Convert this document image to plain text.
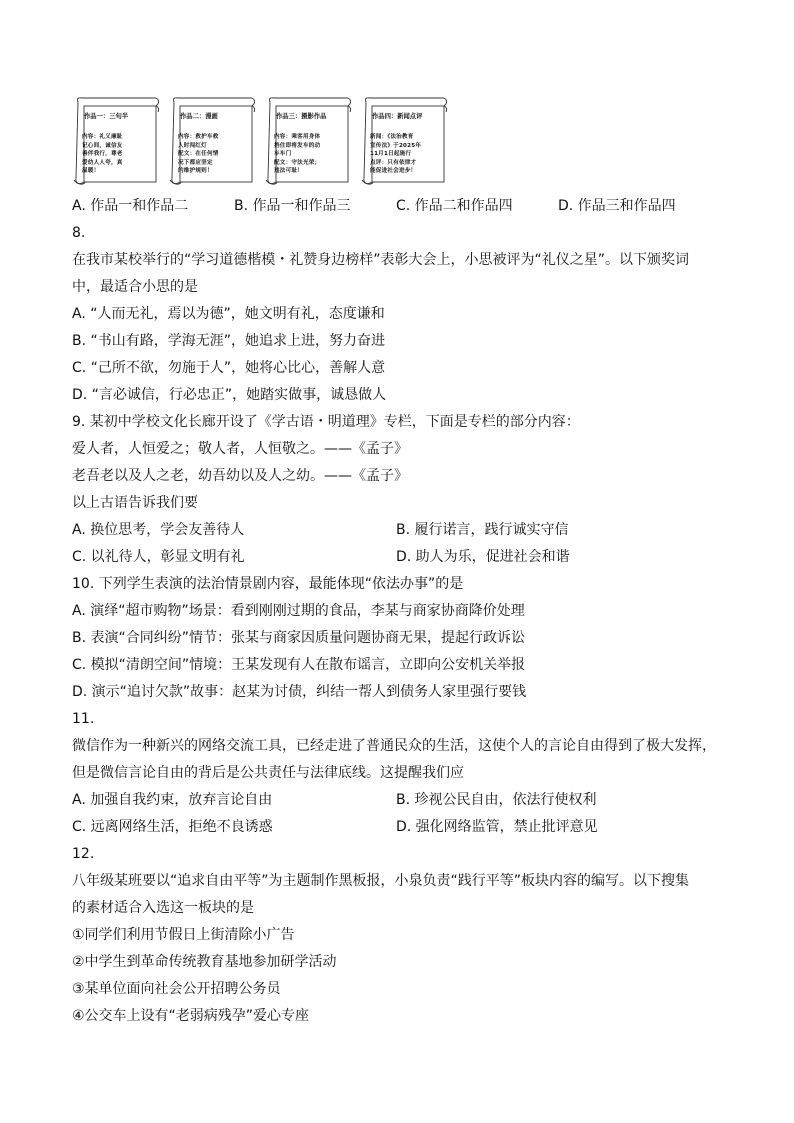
作品一：三句半

内容：礼义廉耻

记心间，诚信友

善伴我行，尊老

爱幼人人夸，真

温暖！

作品二：漫画

内容：救护车救

人时闯红灯

配文：在任何情

况下都应坚定

的维护规则！

作品三：摄影作品

内容：乘客用身体

挡住即将发车的动

车车门

配文：守法光荣；

违法可耻！

作品四：新闻点评

新闻：《法治教育

宣传法》于2025年

11月1日起施行

点评：只有依律才

能促进社会进步！

A. 作品一和作品二	B. 作品一和作品三	C. 作品二和作品四	D. 作品三和作品四
8.
在我市某校举行的“学习道德楷模・礼赞身边榜样”表彰大会上，小思被评为“礼仪之星”。以下颁奖词
中，最适合小思的是
A. “人而无礼，焉以为德”，她文明有礼，态度谦和
B. “书山有路，学海无涯”，她追求上进，努力奋进
C. “己所不欲，勿施于人”，她将心比心，善解人意
D. “言必诚信，行必忠正”，她踏实做事，诚恳做人
9. 某初中学校文化长廊开设了《学古语・明道理》专栏，下面是专栏的部分内容：
爱人者，人恒爱之；敬人者，人恒敬之。——《孟子》
老吾老以及人之老，幼吾幼以及人之幼。——《孟子》
以上古语告诉我们要
A. 换位思考，学会友善待人	B. 履行诺言，践行诚实守信
C. 以礼待人，彰显文明有礼	D. 助人为乐，促进社会和谐
10. 下列学生表演的法治情景剧内容，最能体现“依法办事”的是
A. 演绎“超市购物”场景：看到刚刚过期的食品，李某与商家协商降价处理
B. 表演“合同纠纷”情节：张某与商家因质量问题协商无果，提起行政诉讼
C. 模拟“清朗空间”情境：王某发现有人在散布谣言，立即向公安机关举报
D. 演示“追讨欠款”故事：赵某为讨债，纠结一帮人到债务人家里强行要钱
11.
微信作为一种新兴的网络交流工具，已经走进了普通民众的生活，这使个人的言论自由得到了极大发挥，
但是微信言论自由的背后是公共责任与法律底线。这提醒我们应
A. 加强自我约束，放弃言论自由	B. 珍视公民自由，依法行使权利
C. 远离网络生活，拒绝不良诱惑	D. 强化网络监管，禁止批评意见
12.
八年级某班要以“追求自由平等”为主题制作黑板报，小泉负责“践行平等”板块内容的编写。以下搜集
的素材适合入选这一板块的是
①同学们利用节假日上街清除小广告
②中学生到革命传统教育基地参加研学活动
③某单位面向社会公开招聘公务员
④公交车上设有“老弱病残孕”爱心专座
